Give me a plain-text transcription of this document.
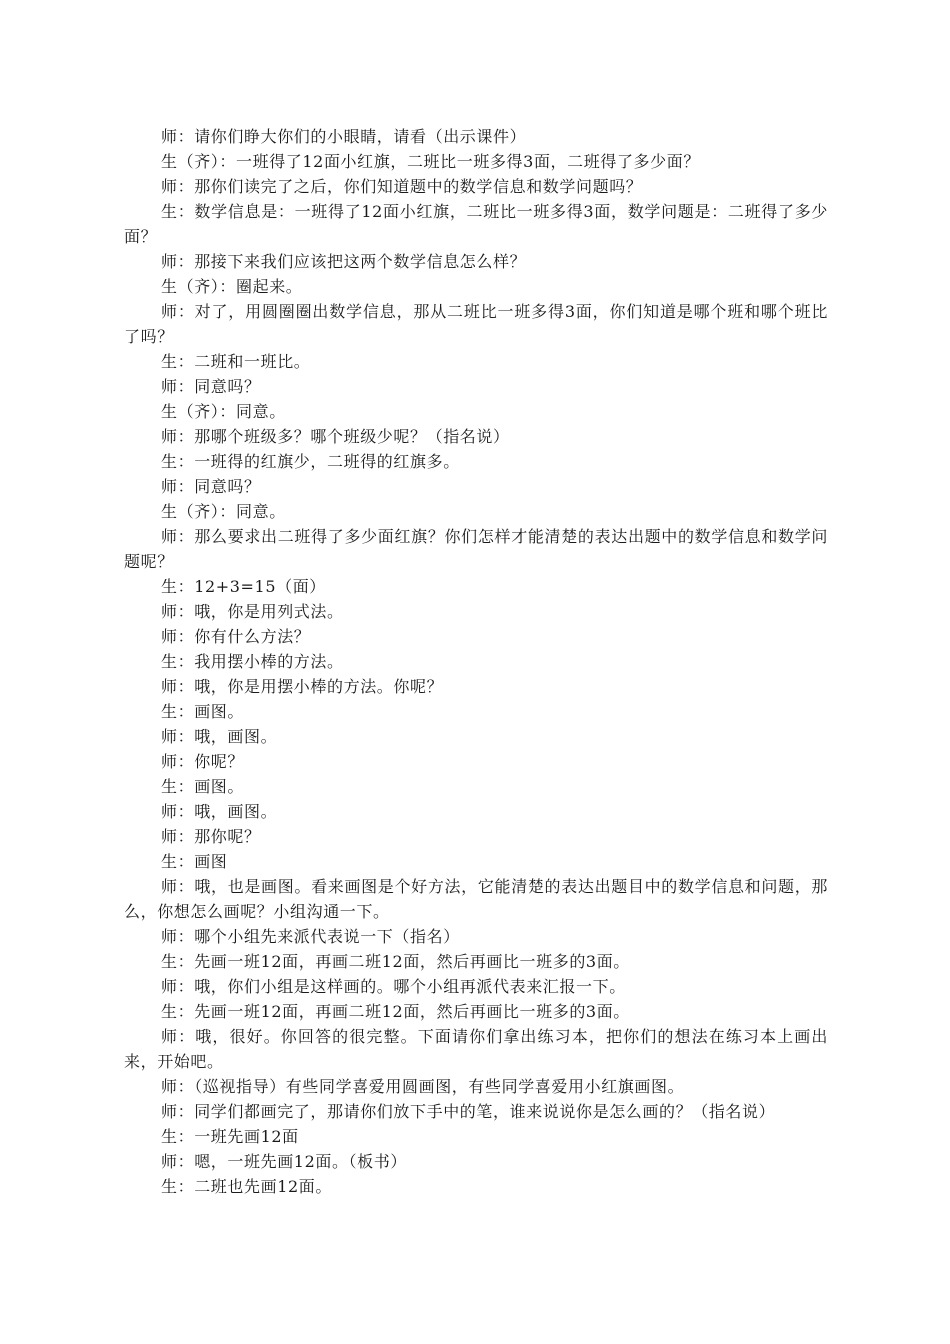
师：请你们睁大你们的小眼睛，请看（出示课件）

生（齐）：一班得了12面小红旗，二班比一班多得3面，二班得了多少面？

师：那你们读完了之后，你们知道题中的数学信息和数学问题吗？

生：数学信息是：一班得了12面小红旗，二班比一班多得3面，数学问题是：二班得了多少面？

师：那接下来我们应该把这两个数学信息怎么样？

生（齐）：圈起来。

师：对了，用圆圈圈出数学信息，那从二班比一班多得3面，你们知道是哪个班和哪个班比了吗？

生：二班和一班比。

师：同意吗？

生（齐）：同意。

师：那哪个班级多？哪个班级少呢？（指名说）

生：一班得的红旗少，二班得的红旗多。

师：同意吗？

生（齐）：同意。

师：那么要求出二班得了多少面红旗？你们怎样才能清楚的表达出题中的数学信息和数学问题呢？

生：12+3=15（面）

师：哦，你是用列式法。

师：你有什么方法？

生：我用摆小棒的方法。

师：哦，你是用摆小棒的方法。你呢？

生：画图。

师：哦，画图。

师：你呢？

生：画图。

师：哦，画图。

师：那你呢？

生：画图

师：哦，也是画图。看来画图是个好方法，它能清楚的表达出题目中的数学信息和问题，那么，你想怎么画呢？小组沟通一下。

师：哪个小组先来派代表说一下（指名）

生：先画一班12面，再画二班12面，然后再画比一班多的3面。

师：哦，你们小组是这样画的。哪个小组再派代表来汇报一下。

生：先画一班12面，再画二班12面，然后再画比一班多的3面。

师：哦，很好。你回答的很完整。下面请你们拿出练习本，把你们的想法在练习本上画出来，开始吧。

师：（巡视指导）有些同学喜爱用圆画图，有些同学喜爱用小红旗画图。

师：同学们都画完了，那请你们放下手中的笔，谁来说说你是怎么画的？（指名说）

生：一班先画12面

师：嗯，一班先画12面。（板书）

生：二班也先画12面。
